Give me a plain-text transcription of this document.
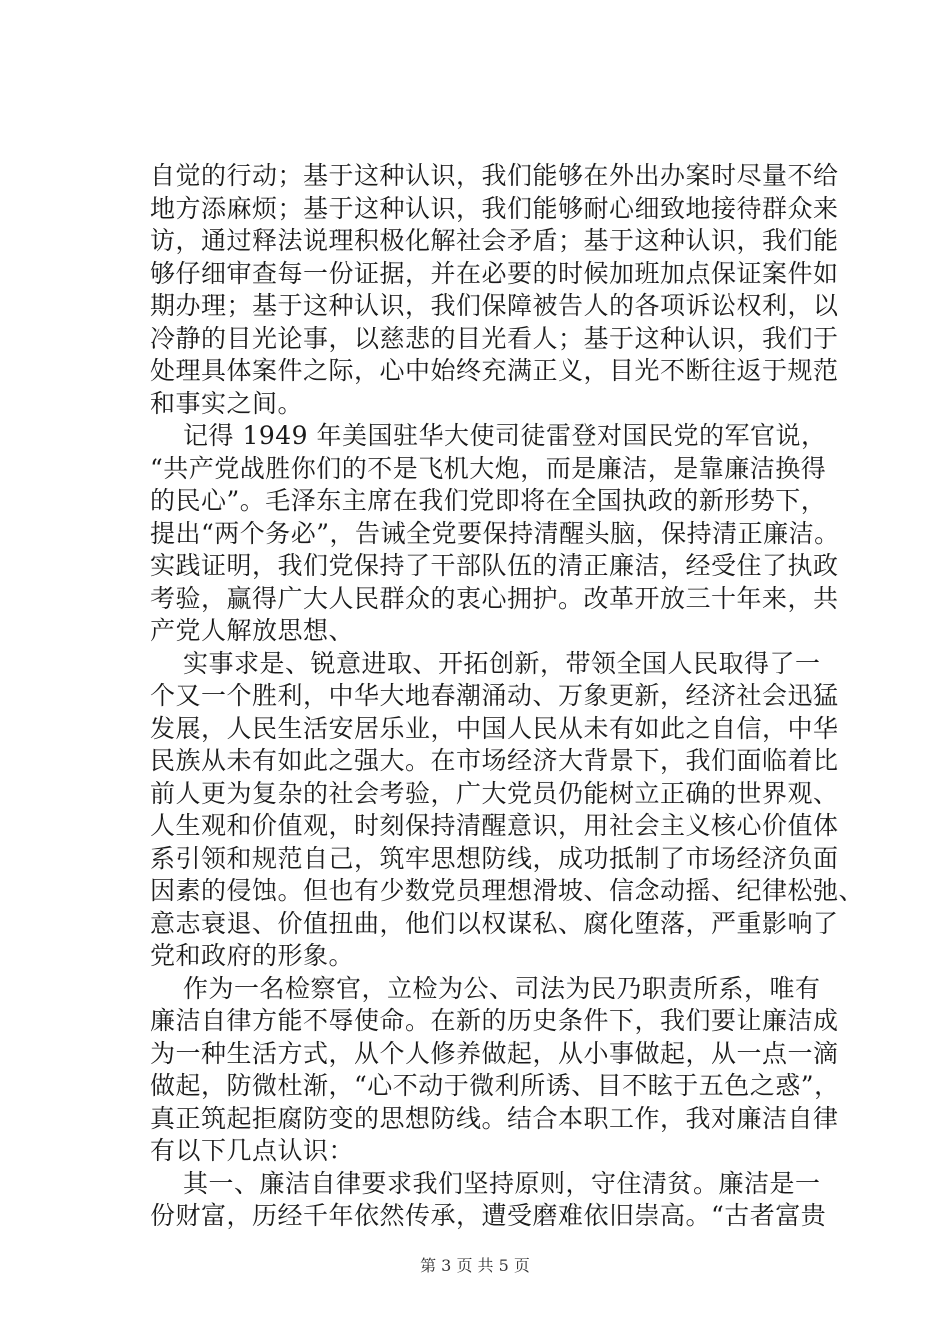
自觉的行动；基于这种认识，我们能够在外出办案时尽量不给
地方添麻烦；基于这种认识，我们能够耐心细致地接待群众来
访，通过释法说理积极化解社会矛盾；基于这种认识，我们能
够仔细审查每一份证据，并在必要的时候加班加点保证案件如
期办理；基于这种认识，我们保障被告人的各项诉讼权利，以
冷静的目光论事，以慈悲的目光看人；基于这种认识，我们于
处理具体案件之际，心中始终充满正义，目光不断往返于规范
和事实之间。
记得 1949 年美国驻华大使司徒雷登对国民党的军官说，
“共产党战胜你们的不是飞机大炮，而是廉洁，是靠廉洁换得
的民心”。毛泽东主席在我们党即将在全国执政的新形势下，
提出“两个务必”，告诫全党要保持清醒头脑，保持清正廉洁。
实践证明，我们党保持了干部队伍的清正廉洁，经受住了执政
考验，赢得广大人民群众的衷心拥护。改革开放三十年来，共
产党人解放思想、
实事求是、锐意进取、开拓创新，带领全国人民取得了一
个又一个胜利，中华大地春潮涌动、万象更新，经济社会迅猛
发展，人民生活安居乐业，中国人民从未有如此之自信，中华
民族从未有如此之强大。在市场经济大背景下，我们面临着比
前人更为复杂的社会考验，广大党员仍能树立正确的世界观、
人生观和价值观，时刻保持清醒意识，用社会主义核心价值体
系引领和规范自己，筑牢思想防线，成功抵制了市场经济负面
因素的侵蚀。但也有少数党员理想滑坡、信念动摇、纪律松弛、
意志衰退、价值扭曲，他们以权谋私、腐化堕落，严重影响了
党和政府的形象。
作为一名检察官，立检为公、司法为民乃职责所系，唯有
廉洁自律方能不辱使命。在新的历史条件下，我们要让廉洁成
为一种生活方式，从个人修养做起，从小事做起，从一点一滴
做起，防微杜渐，“心不动于微利所诱、目不眩于五色之惑”，
真正筑起拒腐防变的思想防线。结合本职工作，我对廉洁自律
有以下几点认识：
其一、廉洁自律要求我们坚持原则，守住清贫。廉洁是一
份财富，历经千年依然传承，遭受磨难依旧崇高。“古者富贵
第 3 页 共 5 页
